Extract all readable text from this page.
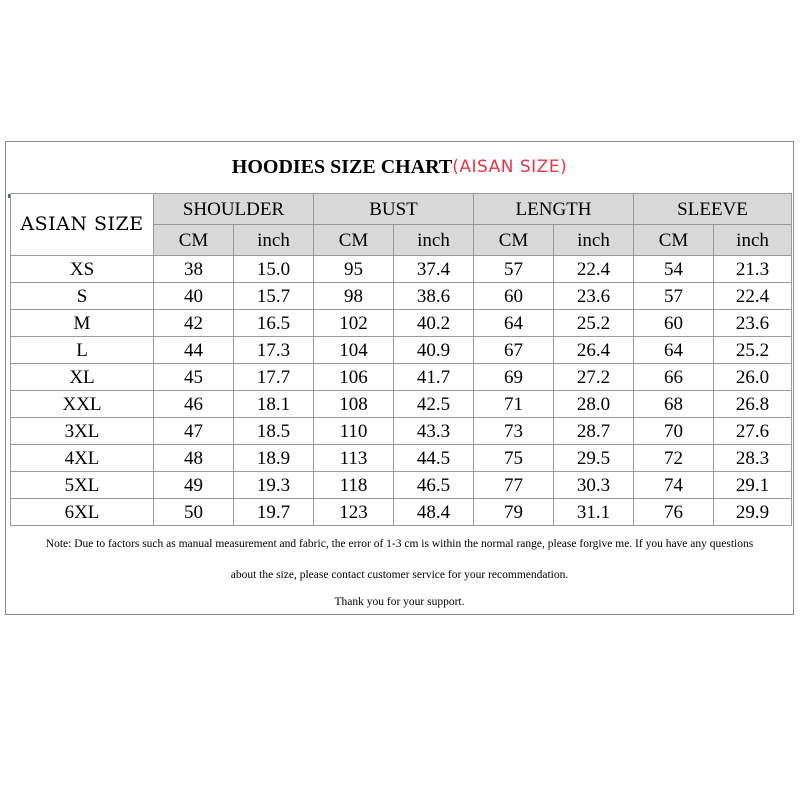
HOODIES SIZE CHART (AISAN SIZE)
ASIAN SIZE	SHOULDER		BUST		LENGTH		SLEEVE	
	CM	inch	CM	inch	CM	inch	CM	inch
XS	38	15.0	95	37.4	57	22.4	54	21.3
S	40	15.7	98	38.6	60	23.6	57	22.4
M	42	16.5	102	40.2	64	25.2	60	23.6
L	44	17.3	104	40.9	67	26.4	64	25.2
XL	45	17.7	106	41.7	69	27.2	66	26.0
XXL	46	18.1	108	42.5	71	28.0	68	26.8
3XL	47	18.5	110	43.3	73	28.7	70	27.6
4XL	48	18.9	113	44.5	75	29.5	72	28.3
5XL	49	19.3	118	46.5	77	30.3	74	29.1
6XL	50	19.7	123	48.4	79	31.1	76	29.9
Note: Due to factors such as manual measurement and fabric, the error of 1-3 cm is within the normal range, please forgive me. If you have any questions
about the size, please contact customer service for your recommendation.
Thank you for your support.
